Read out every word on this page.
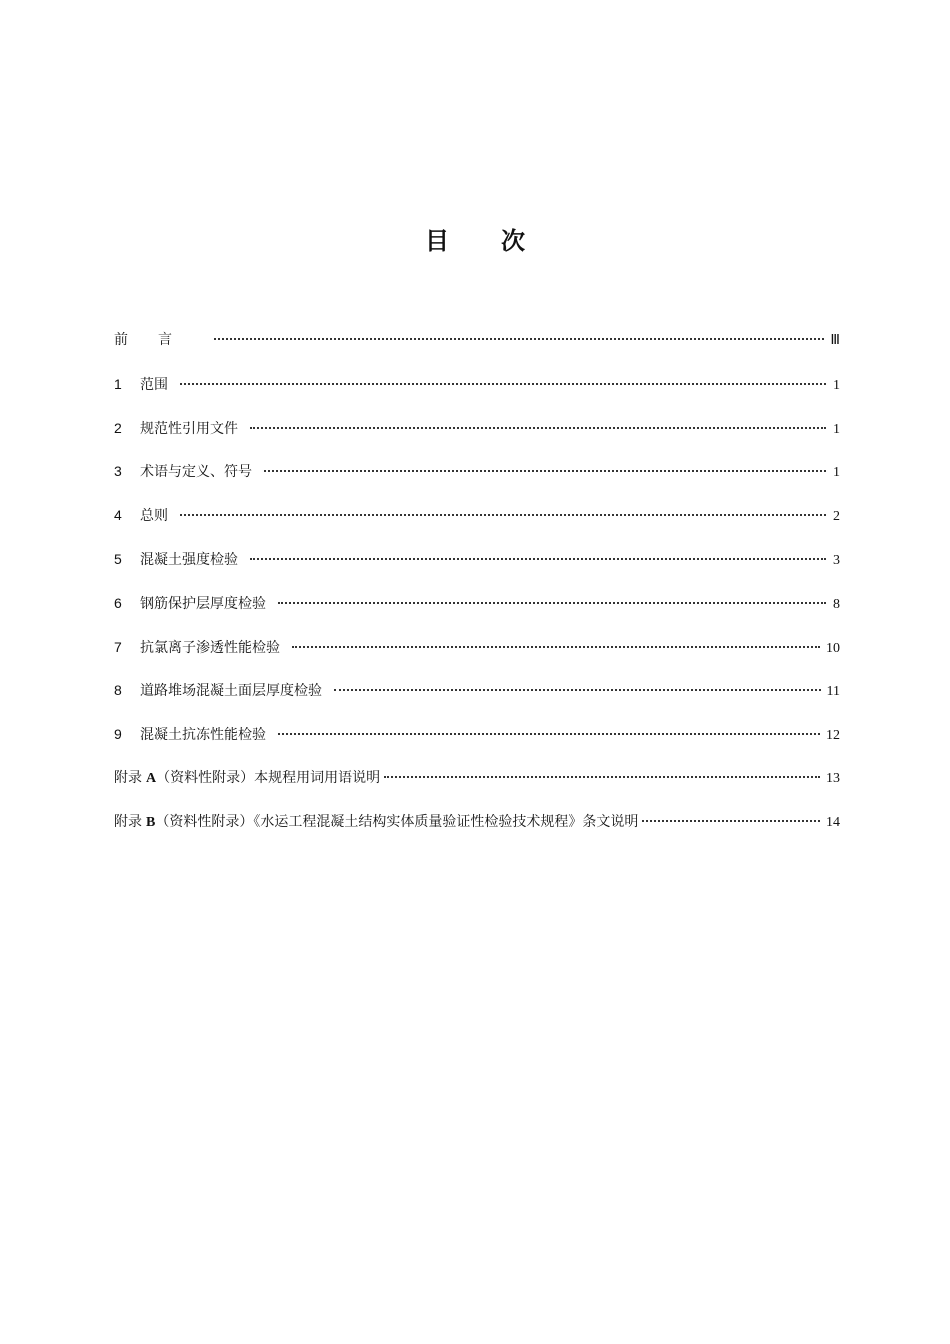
目次
前言	Ⅲ
1	范围	1
2	规范性引用文件	1
3	术语与定义、符号	1
4	总则	2
5	混凝土强度检验	3
6	钢筋保护层厚度检验	8
7	抗氯离子渗透性能检验	10
8	道路堆场混凝土面层厚度检验	11
9	混凝土抗冻性能检验	12
附录 A （资料性附录）本规程用词用语说明	13
附录 B （资料性附录）《水运工程混凝土结构实体质量验证性检验技术规程》条文说明	14
